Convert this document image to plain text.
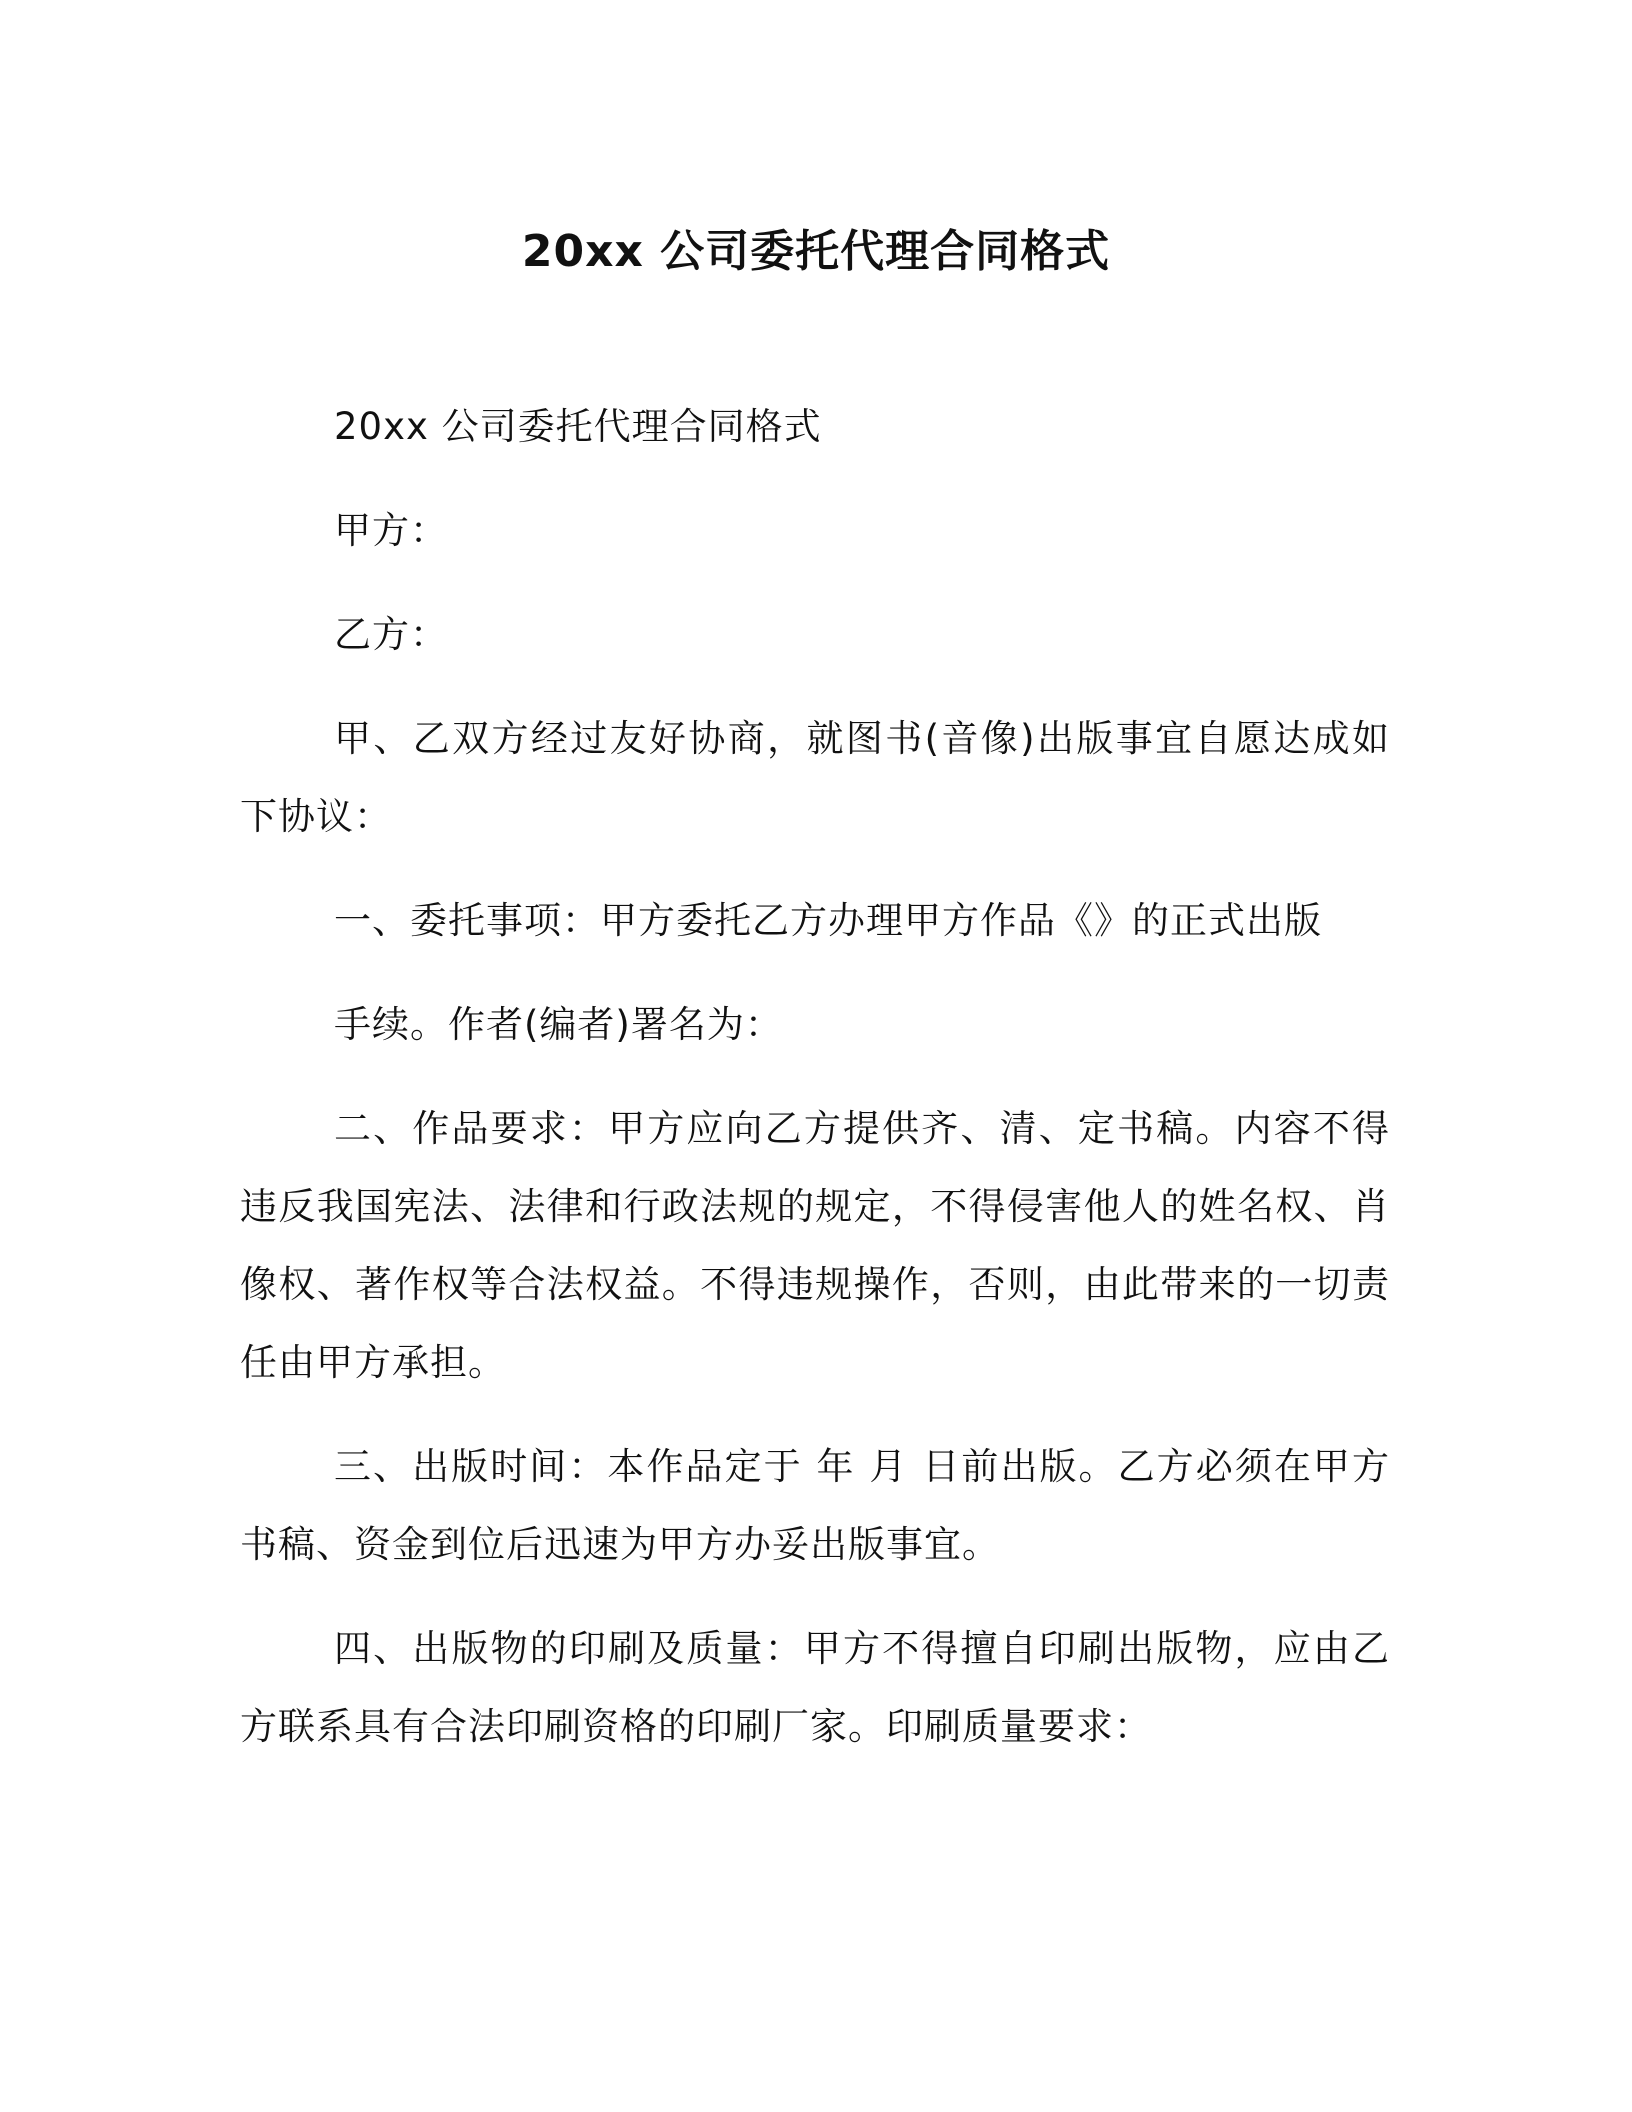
20xx 公司委托代理合同格式

20xx 公司委托代理合同格式

甲方：

乙方：

甲、乙双方经过友好协商，就图书(音像)出版事宜自愿达成如下协议：

一、委托事项：甲方委托乙方办理甲方作品《》的正式出版

手续。作者(编者)署名为：

二、作品要求：甲方应向乙方提供齐、清、定书稿。内容不得违反我国宪法、法律和行政法规的规定，不得侵害他人的姓名权、肖像权、著作权等合法权益。不得违规操作，否则，由此带来的一切责任由甲方承担。

三、出版时间：本作品定于 年 月 日前出版。乙方必须在甲方书稿、资金到位后迅速为甲方办妥出版事宜。

四、出版物的印刷及质量：甲方不得擅自印刷出版物，应由乙方联系具有合法印刷资格的印刷厂家。印刷质量要求：
